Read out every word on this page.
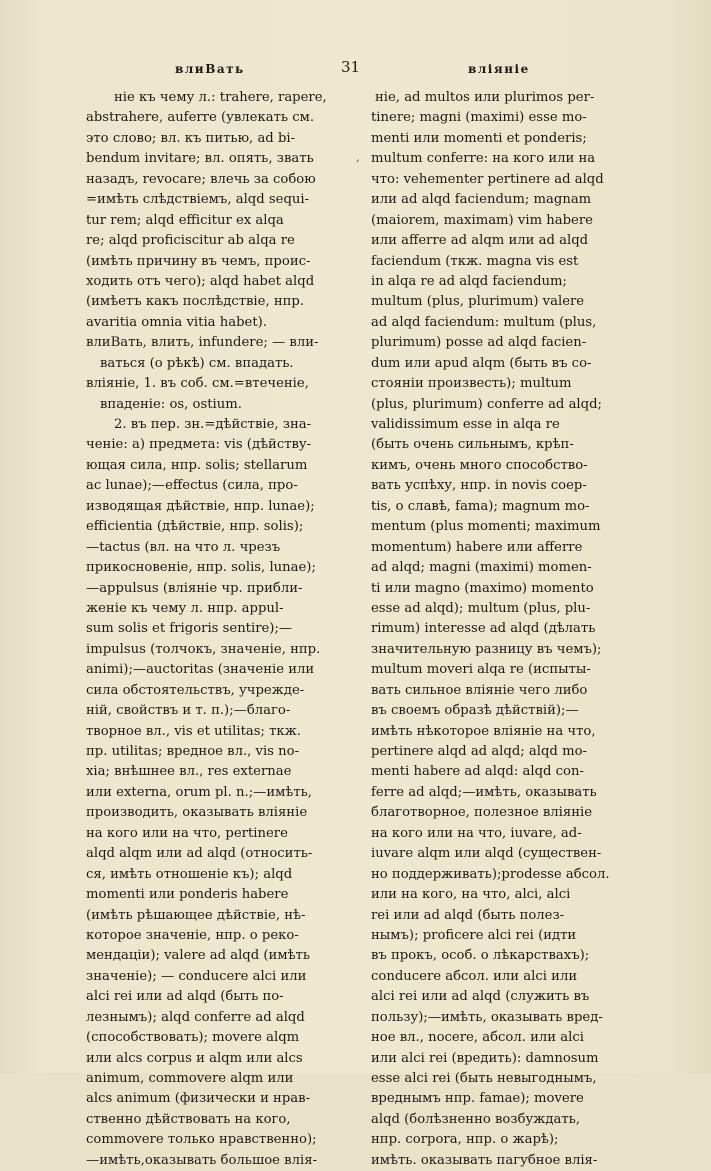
влиВать	31	вліяніе
,
ніе къ чему л.: trahere, rapere,
abstrahere, auferre (увлекать см.
это слово; вл. къ питью, ad bi-
bendum invitare; вл. опять, звать
назадъ, revocare; влечь за собою
=имѣть слѣдствіемъ, alqd sequi-
tur rem; alqd efficitur ex alqa
re; alqd proficiscitur ab alqa re
(имѣть причину въ чемъ, проис-
ходить отъ чего); alqd habet alqd
(имѣетъ какъ послѣдствіе, нпр.
avaritia omnia vitia habet).
влиВать, влить, infundere; — вли-
ваться (о рѣкѣ) см. впадать.
вліяніе, 1. въ соб. см.=втеченіе,
впаденіе: os, ostium.
2. въ пер. зн.=дѣйствіе, зна-
ченіе: а) предмета: vis (дѣйству-
ющая сила, нпр. solis; stellarum
ac lunae);—effectus (сила, про-
изводящая дѣйствіе, нпр. lunae);
efficientia (дѣйствіе, нпр. solis);
—tactus (вл. на что л. чрезъ
прикосновеніе, нпр. solis, lunae);
—appulsus (вліяніе чр. прибли-
женіе къ чему л. нпр. appul-
sum solis et frigoris sentire);—
impulsus (толчокъ, значеніе, нпр.
animi);—auctoritas (значеніе или
сила обстоятельствъ, учрежде-
ній, свойствъ и т. п.);—благо-
творное вл., vis et utilitas; ткж.
пр. utilitas; вредное вл., vis no-
xia; внѣшнее вл., res externae
или externa, orum pl. n.;—имѣть,
производить, оказывать вліяніе
на кого или на что, pertinere
alqd alqm или ad alqd (относить-
ся, имѣть отношеніе къ); alqd
momenti или ponderis habere
(имѣть рѣшающее дѣйствіе, нѣ-
которое значеніе, нпр. о реко-
мендаціи); valere ad alqd (имѣть
значеніе); — conducere alci или
alci rei или ad alqd (быть по-
лезнымъ); alqd conferre ad alqd
(способствовать); movere alqm
или alcs corpus и alqm или alcs
animum, commovere alqm или
alcs animum (физически и нрав-
ственно дѣйствовать на кого,
commovere только нравственно);
—имѣть,оказывать большое влія-
ніе, ad multos или plurimos per-
tinere; magni (maximi) esse mo-
menti или momenti et ponderis;
multum conferre: на кого или на
что: vehementer pertinere ad alqd
или ad alqd faciendum; magnam
(maiorem, maximam) vim habere
или afferre ad alqm или ad alqd
faciendum (ткж. magna vis est
in alqa re ad alqd faciendum;
multum (plus, plurimum) valere
ad alqd faciendum: multum (plus,
plurimum) posse ad alqd facien-
dum или apud alqm (быть въ со-
стояніи произвесть); multum
(plus, plurimum) conferre ad alqd;
validissimum esse in alqa re
(быть очень сильнымъ, крѣп-
кимъ, очень много способство-
вать успѣху, нпр. in novis coep-
tis, о славѣ, fama); magnum mo-
mentum (plus momenti; maximum
momentum) habere или afferre
ad alqd; magni (maximi) momen-
ti или magno (maximo) momento
esse ad alqd); multum (plus, plu-
rimum) interesse ad alqd (дѣлать
значительную разницу въ чемъ);
multum moveri alqa re (испыты-
вать сильное вліяніе чего либо
въ своемъ образѣ дѣйствій);—
имѣть нѣкоторое вліяніе на что,
pertinere alqd ad alqd; alqd mo-
menti habere ad alqd: alqd con-
ferre ad alqd;—имѣть, оказывать
благотворное, полезное вліяніе
на кого или на что, iuvare, ad-
iuvare alqm или alqd (существен-
но поддерживать);prodesse абсол.
или на кого, на что, alci, alci
rei или ad alqd (быть полез-
нымъ); proficere alci rei (идти
въ прокъ, особ. о лѣкарствахъ);
conducere абсол. или alci или
alci rei или ad alqd (служить въ
пользу);—имѣть, оказывать вред-
ное вл., nocere, абсол. или alci
или alci rei (вредить): damnosum
esse alci rei (быть невыгоднымъ,
вреднымъ нпр. famae); movere
alqd (болѣзненно возбуждать,
нпр. corpora, нпр. о жарѣ);
имѣть. оказывать пагубное влія-
